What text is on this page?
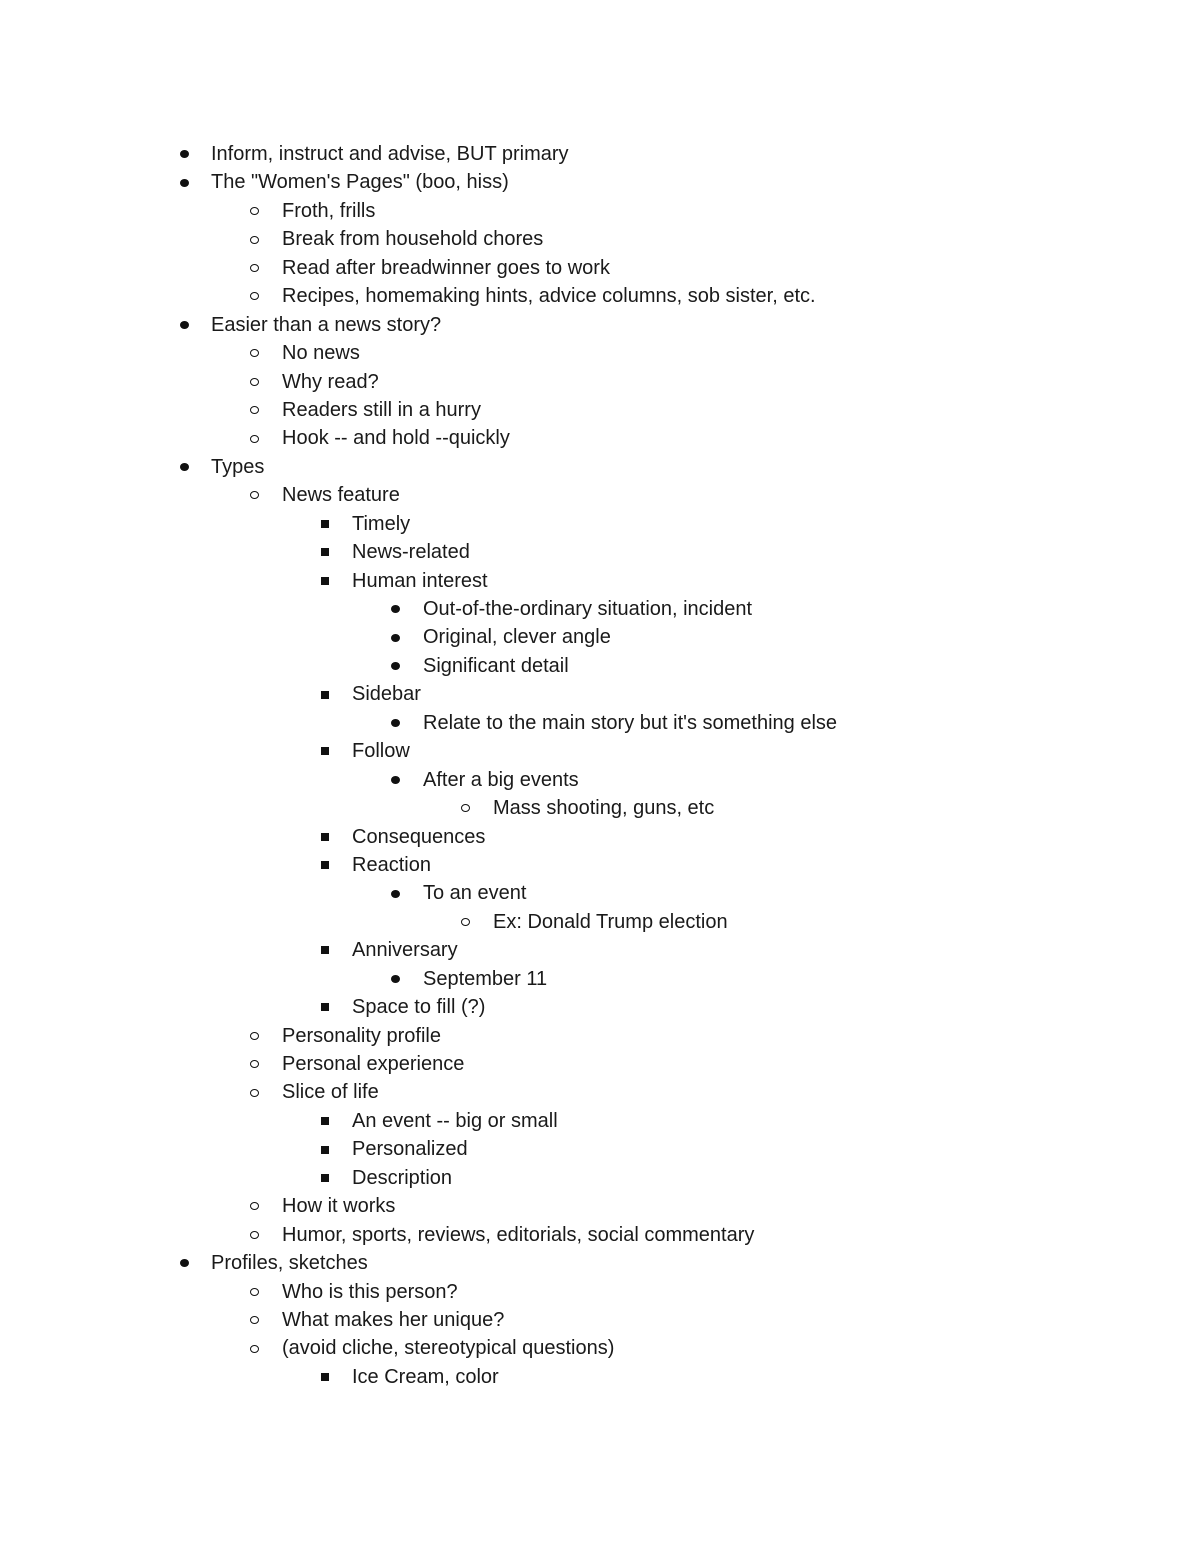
Inform, instruct and advise, BUT primary
The "Women's Pages" (boo, hiss)
Froth, frills
Break from household chores
Read after breadwinner goes to work
Recipes, homemaking hints, advice columns, sob sister, etc.
Easier than a news story?
No news
Why read?
Readers still in a hurry
Hook -- and hold --quickly
Types
News feature
Timely
News-related
Human interest
Out-of-the-ordinary situation, incident
Original, clever angle
Significant detail
Sidebar
Relate to the main story but it's something else
Follow
After a big events
Mass shooting, guns, etc
Consequences
Reaction
To an event
Ex: Donald Trump election
Anniversary
September 11
Space to fill (?)
Personality profile
Personal experience
Slice of life
An event -- big or small
Personalized
Description
How it works
Humor, sports, reviews, editorials, social commentary
Profiles, sketches
Who is this person?
What makes her unique?
(avoid cliche, stereotypical questions)
Ice Cream, color
